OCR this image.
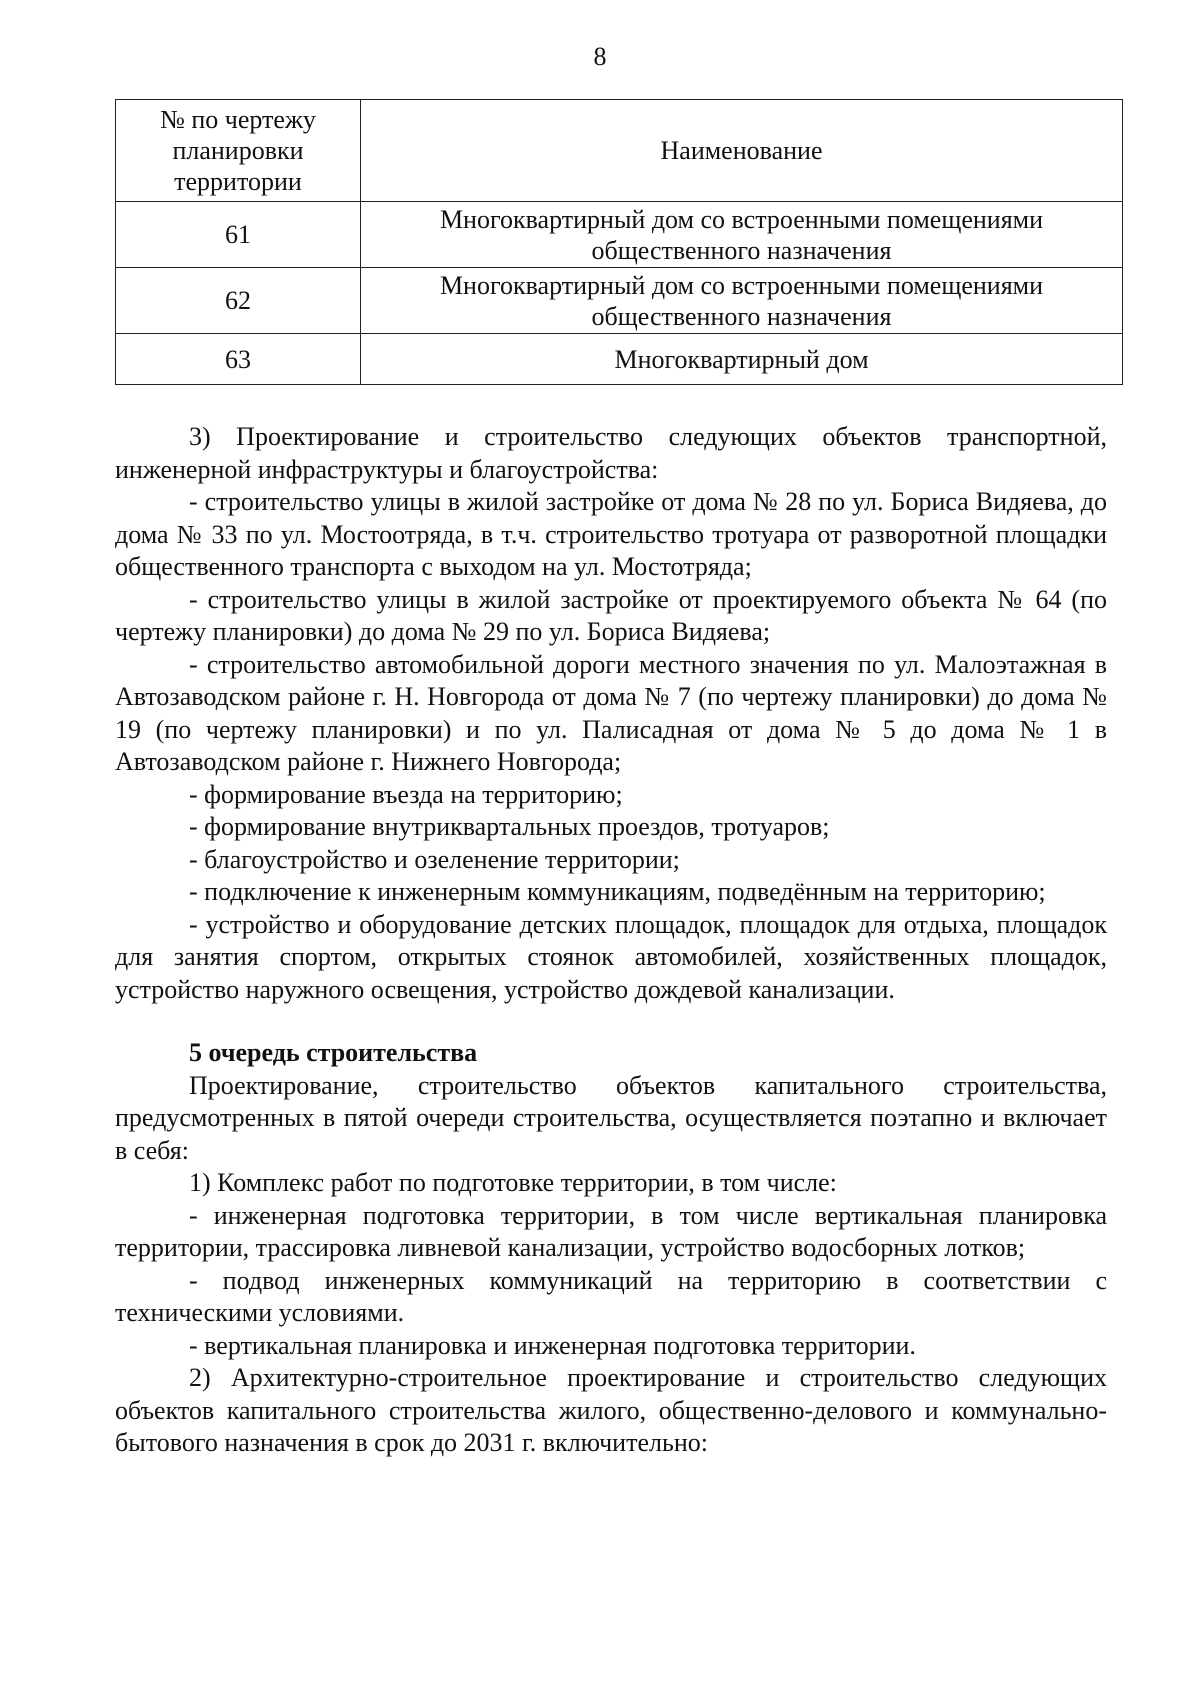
8
№ по чертежу планировки территории	Наименование
61	Многоквартирный дом со встроенными помещениями общественного назначения
62	Многоквартирный дом со встроенными помещениями общественного назначения
63	Многоквартирный дом

3) Проектирование и строительство следующих объектов транспортной, инженерной инфраструктуры и благоустройства:

- строительство улицы в жилой застройке от дома № 28 по ул. Бориса Видяева, до дома № 33 по ул. Мостоотряда, в т.ч. строительство тротуара от разворотной площадки общественного транспорта с выходом на ул. Мостотряда;

- строительство улицы в жилой застройке от проектируемого объекта № 64 (по чертежу планировки) до дома № 29 по ул. Бориса Видяева;

- строительство автомобильной дороги местного значения по ул. Малоэтажная в Автозаводском районе г. Н. Новгорода от дома № 7 (по чертежу планировки) до дома № 19 (по чертежу планировки) и по ул. Палисадная от дома № 5 до дома № 1 в Автозаводском районе г. Нижнего Новгорода;

- формирование въезда на территорию;

- формирование внутриквартальных проездов, тротуаров;

- благоустройство и озеленение территории;

- подключение к инженерным коммуникациям, подведённым на территорию;

- устройство и оборудование детских площадок, площадок для отдыха, площадок для занятия спортом, открытых стоянок автомобилей, хозяйственных площадок, устройство наружного освещения, устройство дождевой канализации.

5 очередь строительства

Проектирование, строительство объектов капитального строительства, предусмотренных в пятой очереди строительства, осуществляется поэтапно и включает в себя:

1) Комплекс работ по подготовке территории, в том числе:

- инженерная подготовка территории, в том числе вертикальная планировка территории, трассировка ливневой канализации, устройство водосборных лотков;

- подвод инженерных коммуникаций на территорию в соответствии с техническими условиями.

- вертикальная планировка и инженерная подготовка территории.

2) Архитектурно-строительное проектирование и строительство следующих объектов капитального строительства жилого, общественно-делового и коммунально-бытового назначения в срок до 2031 г. включительно:
